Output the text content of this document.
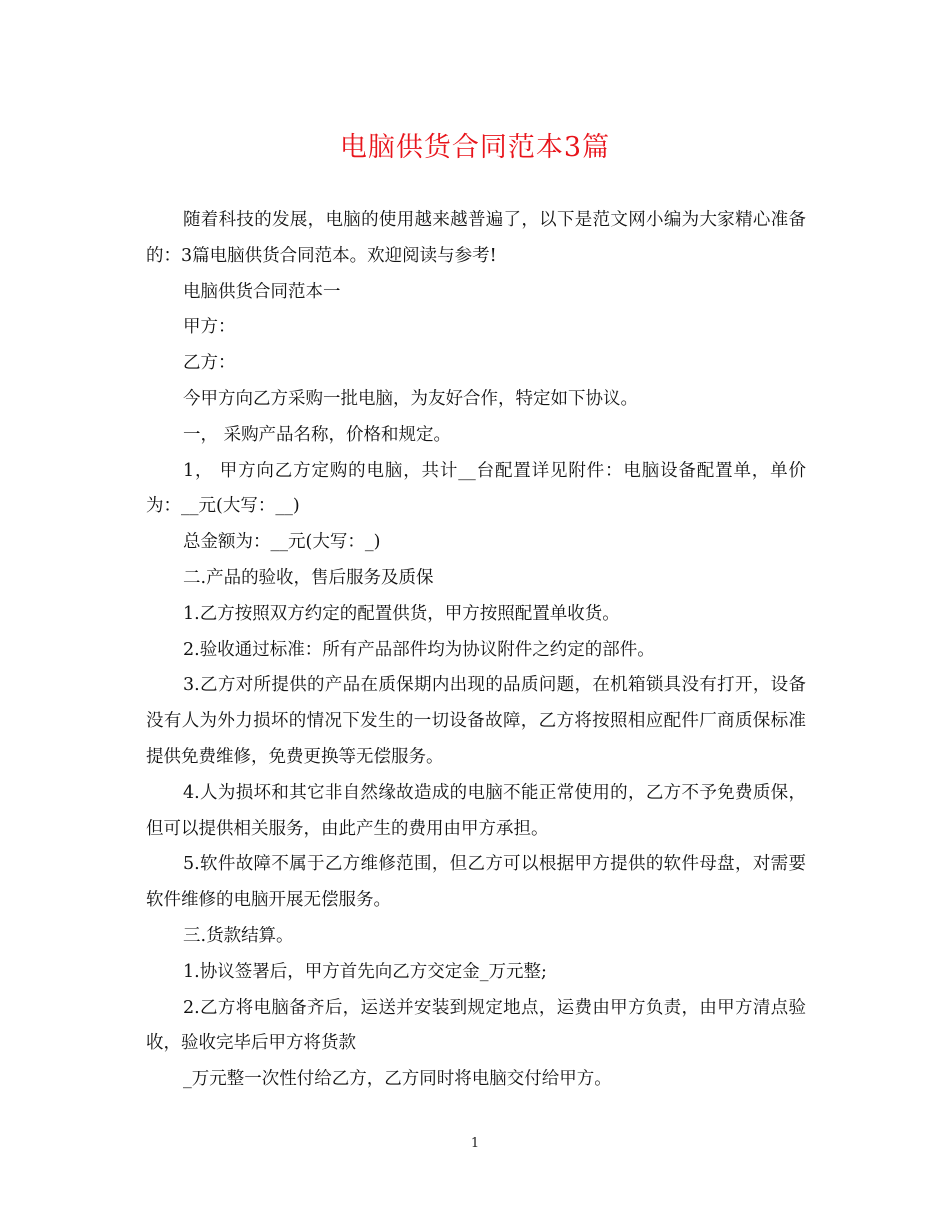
电脑供货合同范本3篇

随着科技的发展，电脑的使用越来越普遍了，以下是范文网小编为大家精心准备的：3篇电脑供货合同范本。欢迎阅读与参考!

电脑供货合同范本一

甲方：

乙方：

今甲方向乙方采购一批电脑，为友好合作，特定如下协议。

一， 采购产品名称，价格和规定。

1， 甲方向乙方定购的电脑，共计__台配置详见附件：电脑设备配置单，单价为：__元(大写：__)

总金额为：__元(大写：_)

二.产品的验收，售后服务及质保

1.乙方按照双方约定的配置供货，甲方按照配置单收货。

2.验收通过标准：所有产品部件均为协议附件之约定的部件。

3.乙方对所提供的产品在质保期内出现的品质问题，在机箱锁具没有打开，设备没有人为外力损坏的情况下发生的一切设备故障，乙方将按照相应配件厂商质保标准提供免费维修，免费更换等无偿服务。

4.人为损坏和其它非自然缘故造成的电脑不能正常使用的，乙方不予免费质保，但可以提供相关服务，由此产生的费用由甲方承担。

5.软件故障不属于乙方维修范围，但乙方可以根据甲方提供的软件母盘，对需要软件维修的电脑开展无偿服务。

三.货款结算。

1.协议签署后，甲方首先向乙方交定金_万元整;

2.乙方将电脑备齐后，运送并安装到规定地点，运费由甲方负责，由甲方清点验收，验收完毕后甲方将货款

_万元整一次性付给乙方，乙方同时将电脑交付给甲方。

1
